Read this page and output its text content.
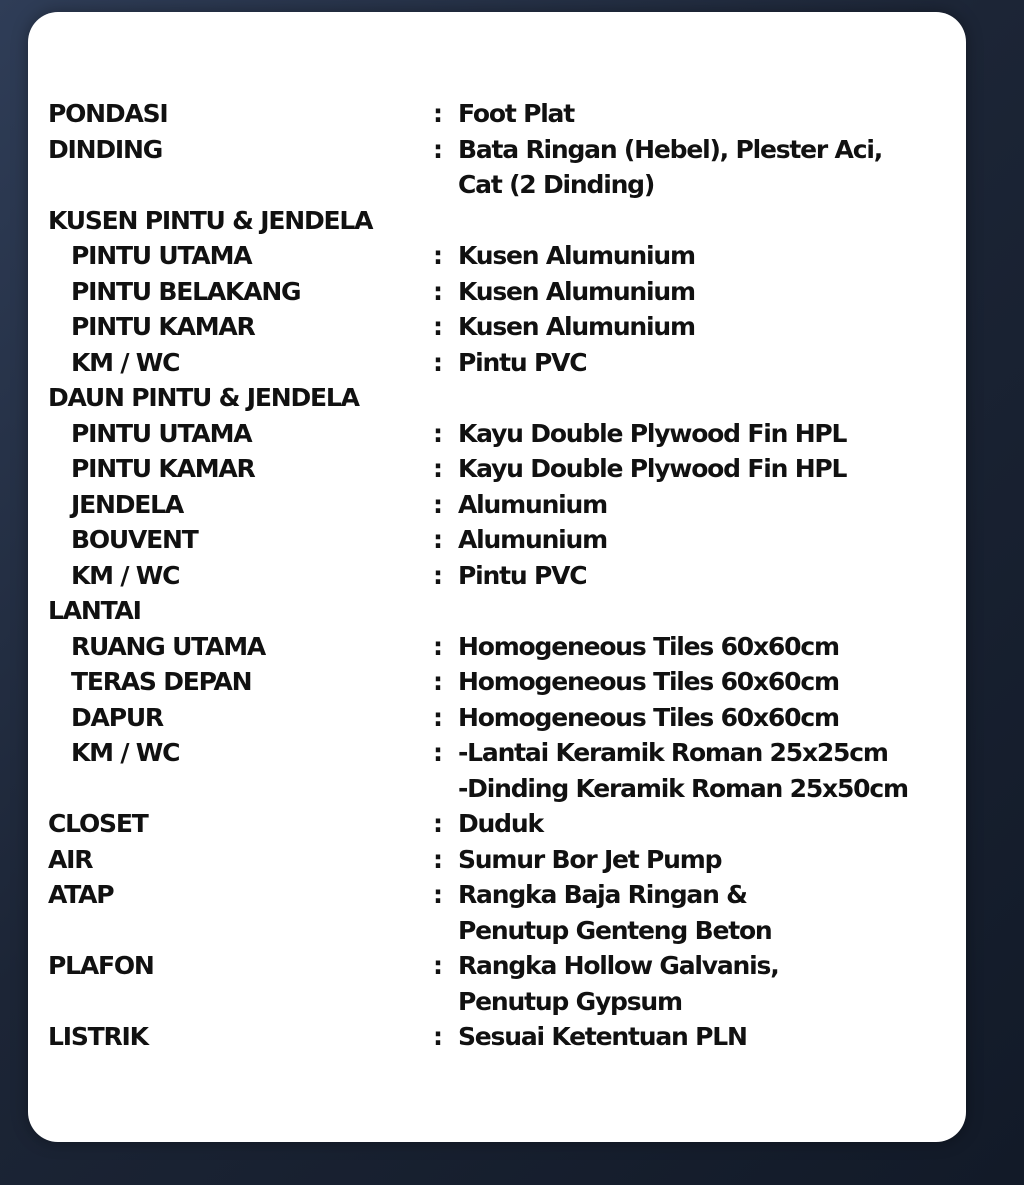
PONDASI	: Foot Plat
DINDING	: Bata Ringan (Hebel), Plester Aci,
Cat (2 Dinding)
KUSEN PINTU & JENDELA
PINTU UTAMA	: Kusen Alumunium
PINTU BELAKANG	: Kusen Alumunium
PINTU KAMAR	: Kusen Alumunium
KM / WC	: Pintu PVC
DAUN PINTU & JENDELA
PINTU UTAMA	: Kayu Double Plywood Fin HPL
PINTU KAMAR	: Kayu Double Plywood Fin HPL
JENDELA	: Alumunium
BOUVENT	: Alumunium
KM / WC	: Pintu PVC
LANTAI
RUANG UTAMA	: Homogeneous Tiles 60x60cm
TERAS DEPAN	: Homogeneous Tiles 60x60cm
DAPUR	: Homogeneous Tiles 60x60cm
KM / WC	: -Lantai Keramik Roman 25x25cm
-Dinding Keramik Roman 25x50cm
CLOSET	: Duduk
AIR	: Sumur Bor Jet Pump
ATAP	: Rangka Baja Ringan &
Penutup Genteng Beton
PLAFON	: Rangka Hollow Galvanis,
Penutup Gypsum
LISTRIK	: Sesuai Ketentuan PLN
